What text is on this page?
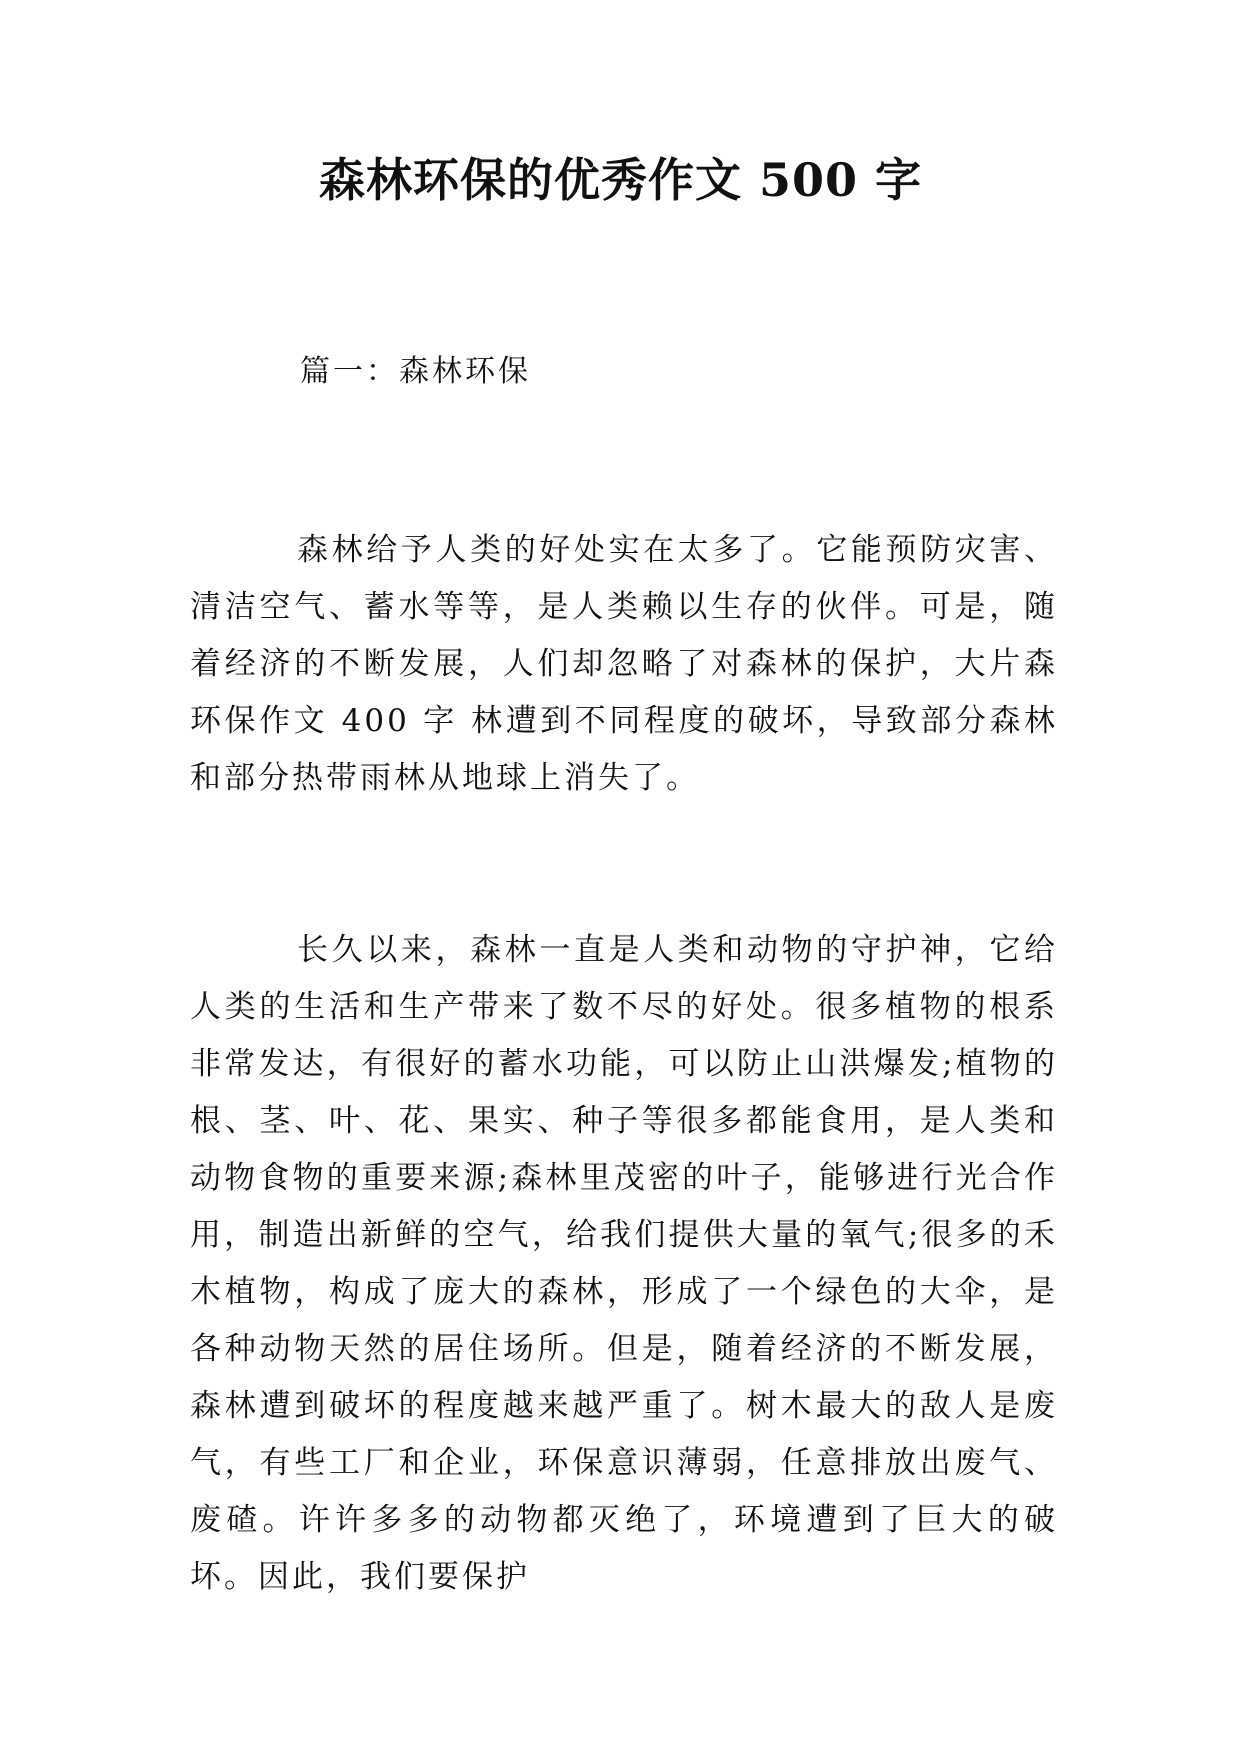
森林环保的优秀作文 500 字

篇一：森林环保

森林给予人类的好处实在太多了。它能预防灾害、清洁空气、蓄水等等，是人类赖以生存的伙伴。可是，随着经济的不断发展，人们却忽略了对森林的保护，大片森环保作文 400 字 林遭到不同程度的破坏，导致部分森林和部分热带雨林从地球上消失了。

长久以来，森林一直是人类和动物的守护神，它给人类的生活和生产带来了数不尽的好处。很多植物的根系非常发达，有很好的蓄水功能，可以防止山洪爆发;植物的根、茎、叶、花、果实、种子等很多都能食用，是人类和动物食物的重要来源;森林里茂密的叶子，能够进行光合作用，制造出新鲜的空气，给我们提供大量的氧气;很多的禾木植物，构成了庞大的森林，形成了一个绿色的大伞，是各种动物天然的居住场所。但是，随着经济的不断发展，森林遭到破坏的程度越来越严重了。树木最大的敌人是废气，有些工厂和企业，环保意识薄弱，任意排放出废气、废碴。许许多多的动物都灭绝了，环境遭到了巨大的破坏。因此，我们要保护
